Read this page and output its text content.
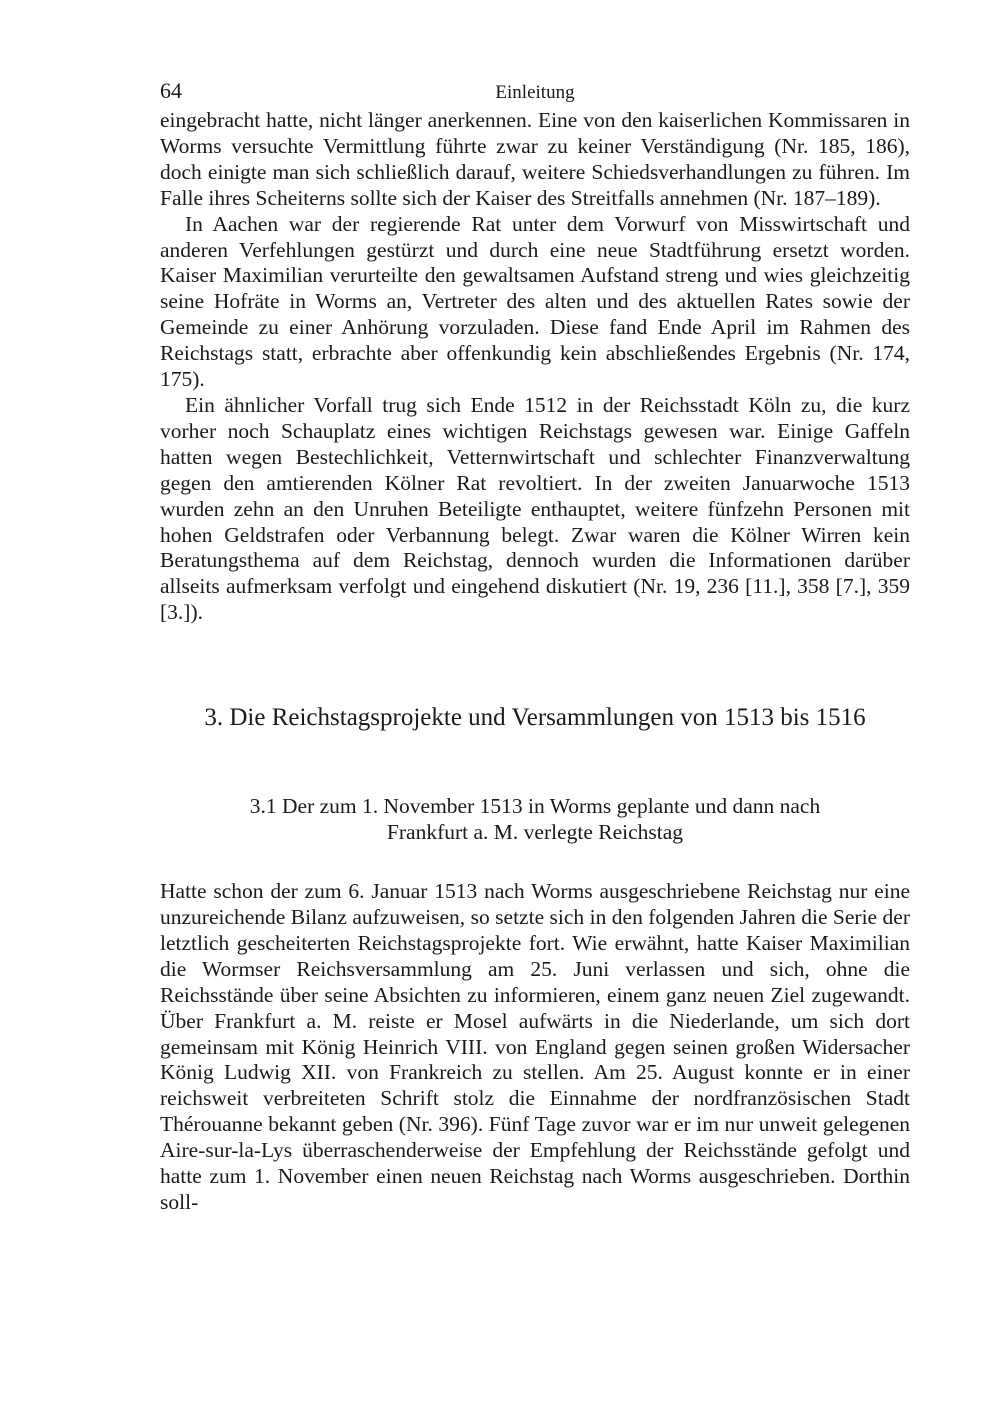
64	Einleitung

eingebracht hatte, nicht länger anerkennen. Eine von den kaiserlichen Kommissaren in Worms versuchte Vermittlung führte zwar zu keiner Verständigung (Nr. 185, 186), doch einigte man sich schließlich darauf, weitere Schiedsverhandlungen zu führen. Im Falle ihres Scheiterns sollte sich der Kaiser des Streitfalls annehmen (Nr. 187–189).

In Aachen war der regierende Rat unter dem Vorwurf von Misswirtschaft und anderen Verfehlungen gestürzt und durch eine neue Stadtführung ersetzt worden. Kaiser Maximilian verurteilte den gewaltsamen Aufstand streng und wies gleichzeitig seine Hofräte in Worms an, Vertreter des alten und des aktuellen Rates sowie der Gemeinde zu einer Anhörung vorzuladen. Diese fand Ende April im Rahmen des Reichstags statt, erbrachte aber offenkundig kein abschließendes Ergebnis (Nr. 174, 175).

Ein ähnlicher Vorfall trug sich Ende 1512 in der Reichsstadt Köln zu, die kurz vorher noch Schauplatz eines wichtigen Reichstags gewesen war. Einige Gaffeln hatten wegen Bestechlichkeit, Vetternwirtschaft und schlechter Finanzverwaltung gegen den amtierenden Kölner Rat revoltiert. In der zweiten Januarwoche 1513 wurden zehn an den Unruhen Beteiligte enthauptet, weitere fünfzehn Personen mit hohen Geldstrafen oder Verbannung belegt. Zwar waren die Kölner Wirren kein Beratungsthema auf dem Reichstag, dennoch wurden die Informationen darüber allseits aufmerksam verfolgt und eingehend diskutiert (Nr. 19, 236 [11.], 358 [7.], 359 [3.]).

3. Die Reichstagsprojekte und Versammlungen von 1513 bis 1516
3.1 Der zum 1. November 1513 in Worms geplante und dann nach
Frankfurt a. M. verlegte Reichstag

Hatte schon der zum 6. Januar 1513 nach Worms ausgeschriebene Reichstag nur eine unzureichende Bilanz aufzuweisen, so setzte sich in den folgenden Jahren die Serie der letztlich gescheiterten Reichstagsprojekte fort. Wie erwähnt, hatte Kaiser Maximilian die Wormser Reichsversammlung am 25. Juni verlassen und sich, ohne die Reichsstände über seine Absichten zu informieren, einem ganz neuen Ziel zugewandt. Über Frankfurt a. M. reiste er Mosel aufwärts in die Niederlande, um sich dort gemeinsam mit König Heinrich VIII. von England gegen seinen großen Widersacher König Ludwig XII. von Frankreich zu stellen. Am 25. August konnte er in einer reichsweit verbreiteten Schrift stolz die Einnahme der nordfranzösischen Stadt Thérouanne bekannt geben (Nr. 396). Fünf Tage zuvor war er im nur unweit gelegenen Aire-sur-la-Lys überraschenderweise der Empfehlung der Reichsstände gefolgt und hatte zum 1. November einen neuen Reichstag nach Worms ausgeschrieben. Dorthin soll-
